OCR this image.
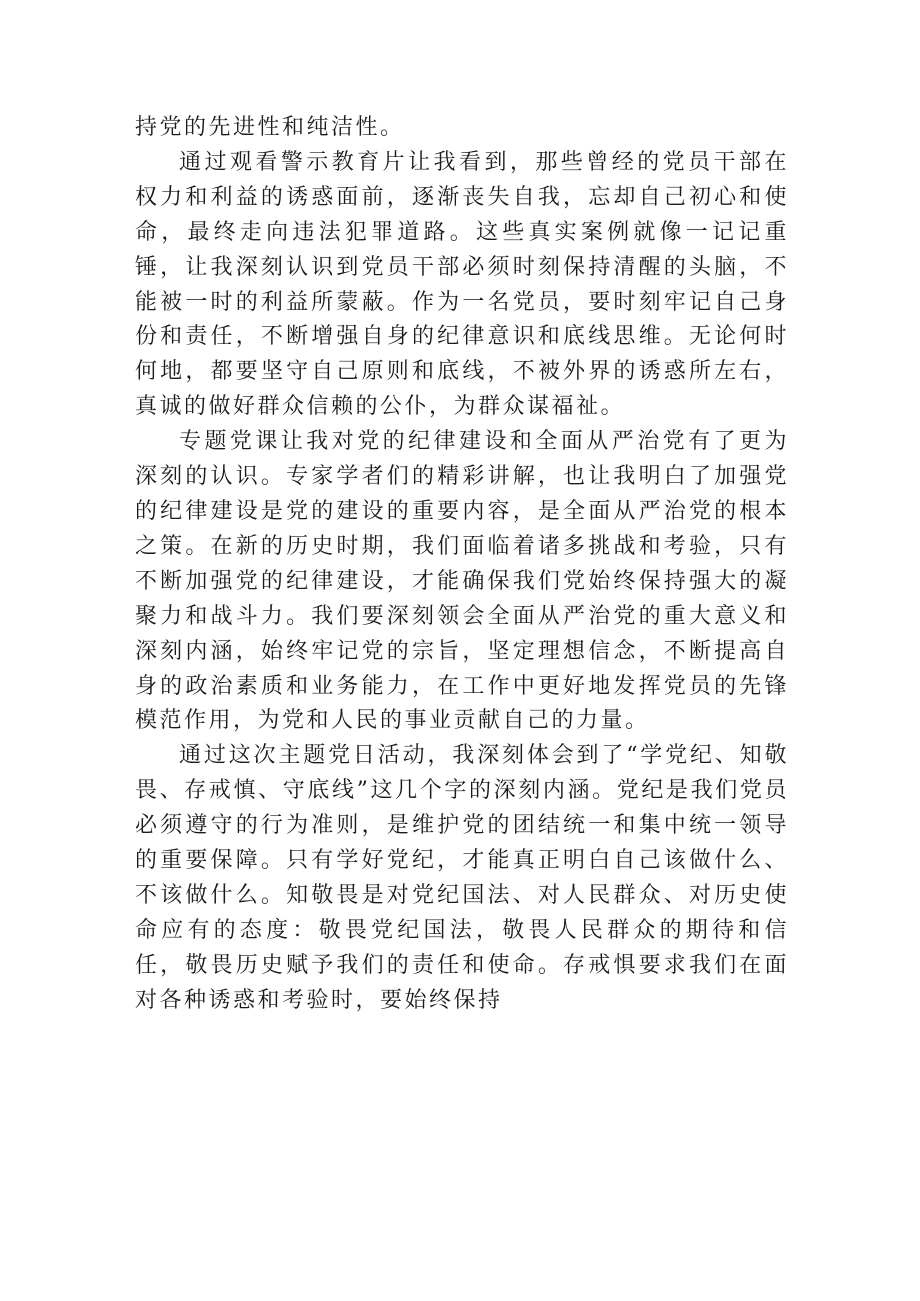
持党的先进性和纯洁性。

通过观看警示教育片让我看到，那些曾经的党员干部在权力和利益的诱惑面前，逐渐丧失自我，忘却自己初心和使命，最终走向违法犯罪道路。这些真实案例就像一记记重锤，让我深刻认识到党员干部必须时刻保持清醒的头脑，不能被一时的利益所蒙蔽。作为一名党员，要时刻牢记自己身份和责任，不断增强自身的纪律意识和底线思维。无论何时何地，都要坚守自己原则和底线，不被外界的诱惑所左右，真诚的做好群众信赖的公仆，为群众谋福祉。

专题党课让我对党的纪律建设和全面从严治党有了更为深刻的认识。专家学者们的精彩讲解，也让我明白了加强党的纪律建设是党的建设的重要内容，是全面从严治党的根本之策。在新的历史时期，我们面临着诸多挑战和考验，只有不断加强党的纪律建设，才能确保我们党始终保持强大的凝聚力和战斗力。我们要深刻领会全面从严治党的重大意义和深刻内涵，始终牢记党的宗旨，坚定理想信念，不断提高自身的政治素质和业务能力，在工作中更好地发挥党员的先锋模范作用，为党和人民的事业贡献自己的力量。

通过这次主题党日活动，我深刻体会到了“学党纪、知敬畏、存戒慎、守底线”这几个字的深刻内涵。党纪是我们党员必须遵守的行为准则，是维护党的团结统一和集中统一领导的重要保障。只有学好党纪，才能真正明白自己该做什么、不该做什么。知敬畏是对党纪国法、对人民群众、对历史使命应有的态度：敬畏党纪国法，敬畏人民群众的期待和信任，敬畏历史赋予我们的责任和使命。存戒惧要求我们在面对各种诱惑和考验时，要始终保持
